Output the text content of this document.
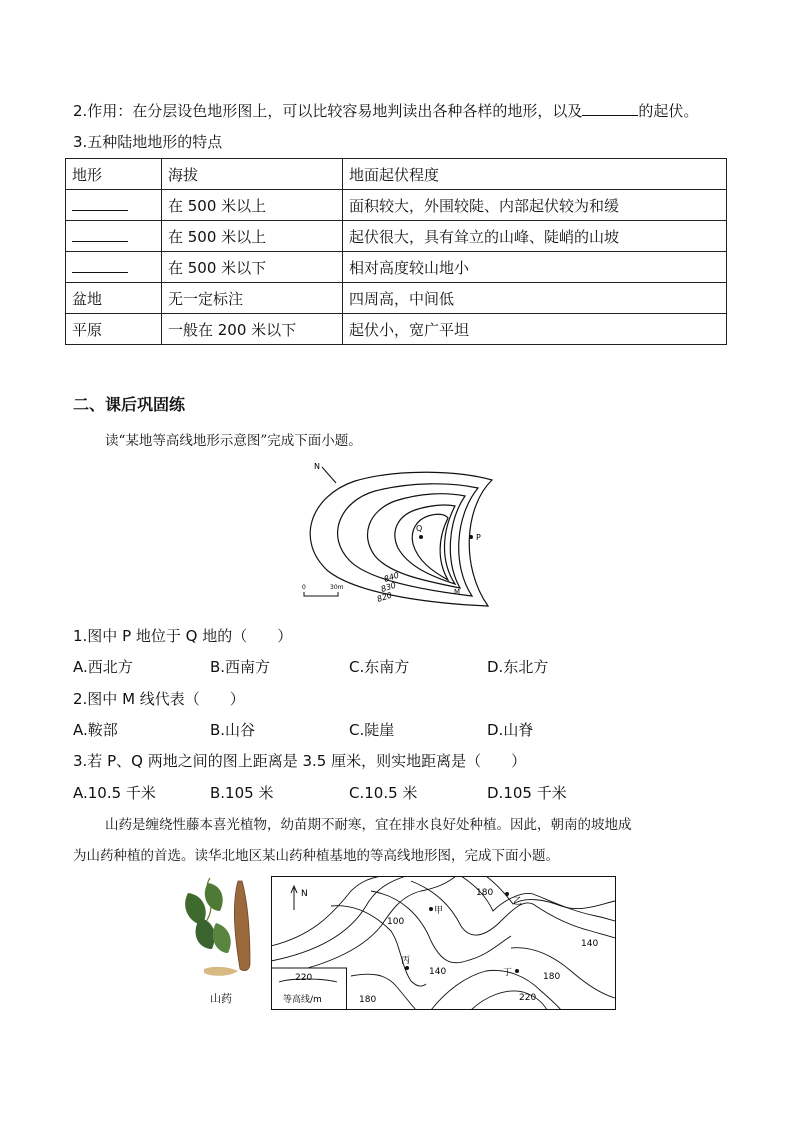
2.作用：在分层设色地形图上，可以比较容易地判读出各种各样的地形，以及	的起伏。
3.五种陆地地形的特点
地形	海拔	地面起伏程度
	在 500 米以上	面积较大，外围较陡、内部起伏较为和缓
	在 500 米以上	起伏很大，具有耸立的山峰、陡峭的山坡
	在 500 米以下	相对高度较山地小
盆地	无一定标注	四周高，中间低
平原	一般在 200 米以下	起伏小，宽广平坦
二、课后巩固练
读“某地等高线地形示意图”完成下面小题。
N
Q
P
M
840
830
820
0	30m
1.图中 P 地位于 Q 地的（　　）
A.西北方	B.西南方	C.东南方	D.东北方
2.图中 M 线代表（　　）
A.鞍部	B.山谷	C.陡崖	D.山脊
3.若 P、Q 两地之间的图上距离是 3.5 厘米，则实地距离是（　　）
A.10.5 千米	B.105 米	C.10.5 米	D.105 千米
山药是缠绕性藤本喜光植物，幼苗期不耐寒，宜在排水良好处种植。因此，朝南的坡地成
为山药种植的首选。读华北地区某山药种植基地的等高线地形图，完成下面小题。
山药
N
甲
乙
丙
丁
180
100
140
140
180
220
180
220
等高线/m
